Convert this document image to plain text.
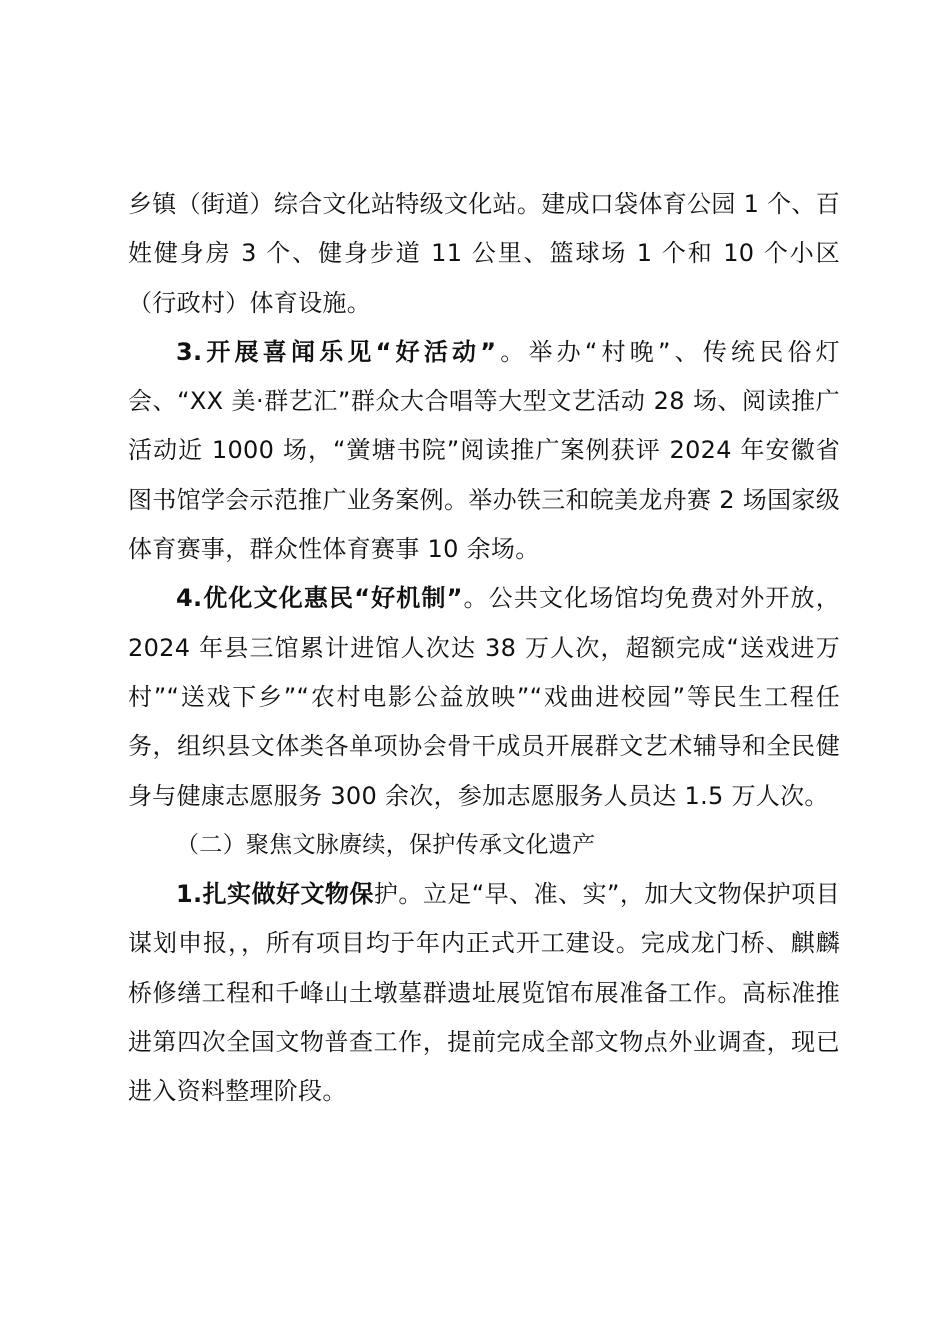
乡镇（街道）综合文化站特级文化站。建成口袋体育公园 1 个、百姓健身房 3 个、健身步道 11 公里、篮球场 1 个和 10 个小区（行政村）体育设施。

3.开展喜闻乐见“好活动”。举办“村晚”、传统民俗灯会、“XX 美·群艺汇”群众大合唱等大型文艺活动 28 场、阅读推广活动近 1000 场，“黉塘书院”阅读推广案例获评 2024 年安徽省图书馆学会示范推广业务案例。举办铁三和皖美龙舟赛 2 场国家级体育赛事，群众性体育赛事 10 余场。

4.优化文化惠民“好机制”。公共文化场馆均免费对外开放，2024 年县三馆累计进馆人次达 38 万人次，超额完成“送戏进万村”“送戏下乡”“农村电影公益放映”“戏曲进校园”等民生工程任务，组织县文体类各单项协会骨干成员开展群文艺术辅导和全民健身与健康志愿服务 300 余次，参加志愿服务人员达 1.5 万人次。

（二）聚焦文脉赓续，保护传承文化遗产

1.扎实做好文物保护。立足“早、准、实”，加大文物保护项目谋划申报，，所有项目均于年内正式开工建设。完成龙门桥、麒麟桥修缮工程和千峰山土墩墓群遗址展览馆布展准备工作。高标准推进第四次全国文物普查工作，提前完成全部文物点外业调查，现已进入资料整理阶段。
